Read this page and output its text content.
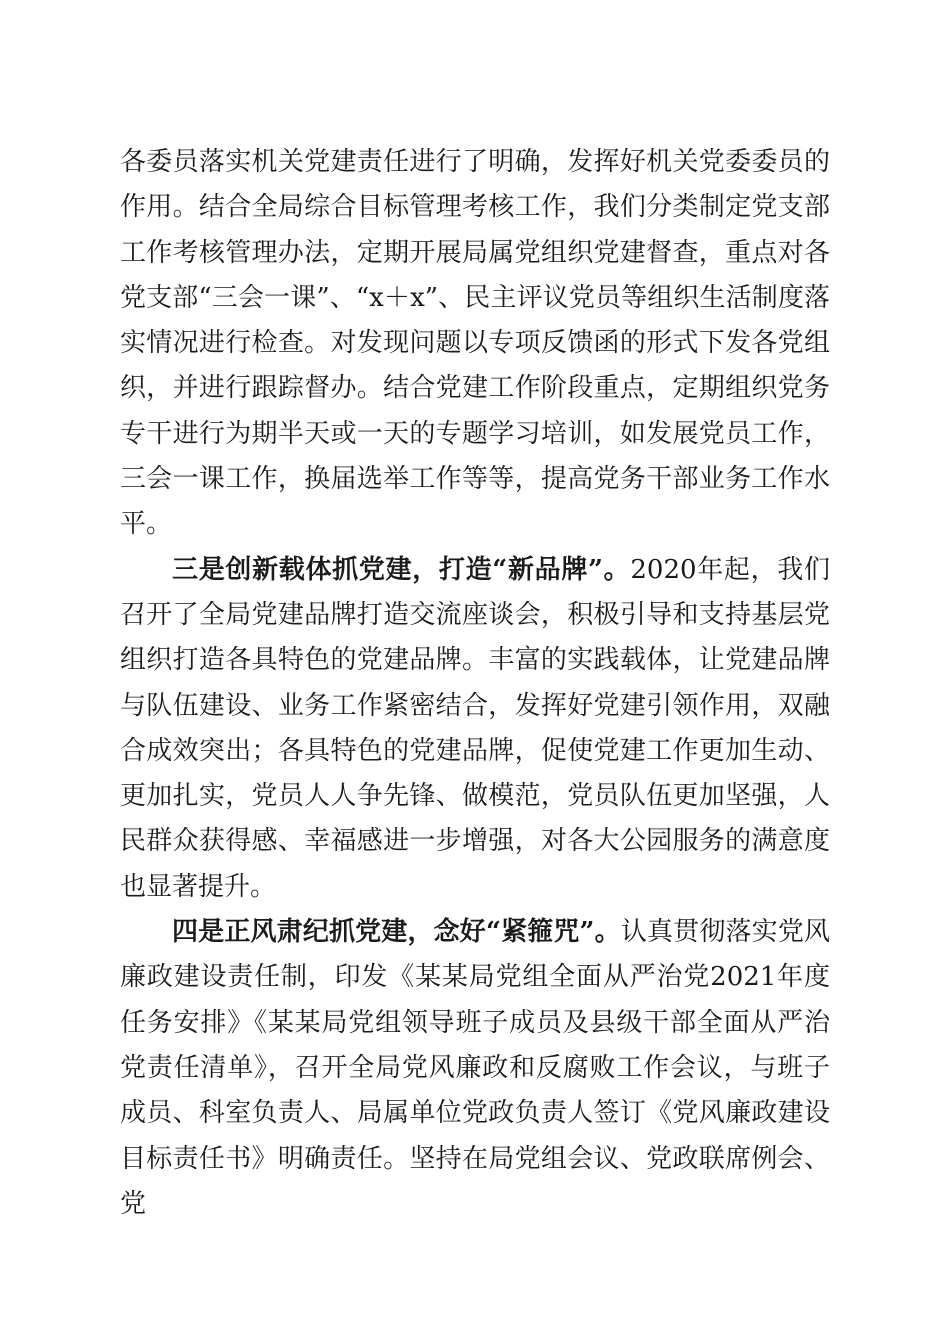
各委员落实机关党建责任进行了明确，发挥好机关党委委员的作用。结合全局综合目标管理考核工作，我们分类制定党支部工作考核管理办法，定期开展局属党组织党建督查，重点对各党支部“三会一课”、“x＋x”、民主评议党员等组织生活制度落实情况进行检查。对发现问题以专项反馈函的形式下发各党组织，并进行跟踪督办。结合党建工作阶段重点，定期组织党务专干进行为期半天或一天的专题学习培训，如发展党员工作，三会一课工作，换届选举工作等等，提高党务干部业务工作水平。

三是创新载体抓党建，打造“新品牌”。2020年起，我们召开了全局党建品牌打造交流座谈会，积极引导和支持基层党组织打造各具特色的党建品牌。丰富的实践载体，让党建品牌与队伍建设、业务工作紧密结合，发挥好党建引领作用，双融合成效突出；各具特色的党建品牌，促使党建工作更加生动、更加扎实，党员人人争先锋、做模范，党员队伍更加坚强，人民群众获得感、幸福感进一步增强，对各大公园服务的满意度也显著提升。

四是正风肃纪抓党建，念好“紧箍咒”。认真贯彻落实党风廉政建设责任制，印发《某某局党组全面从严治党2021年度任务安排》《某某局党组领导班子成员及县级干部全面从严治党责任清单》，召开全局党风廉政和反腐败工作会议，与班子成员、科室负责人、局属单位党政负责人签订《党风廉政建设目标责任书》明确责任。坚持在局党组会议、党政联席例会、党
